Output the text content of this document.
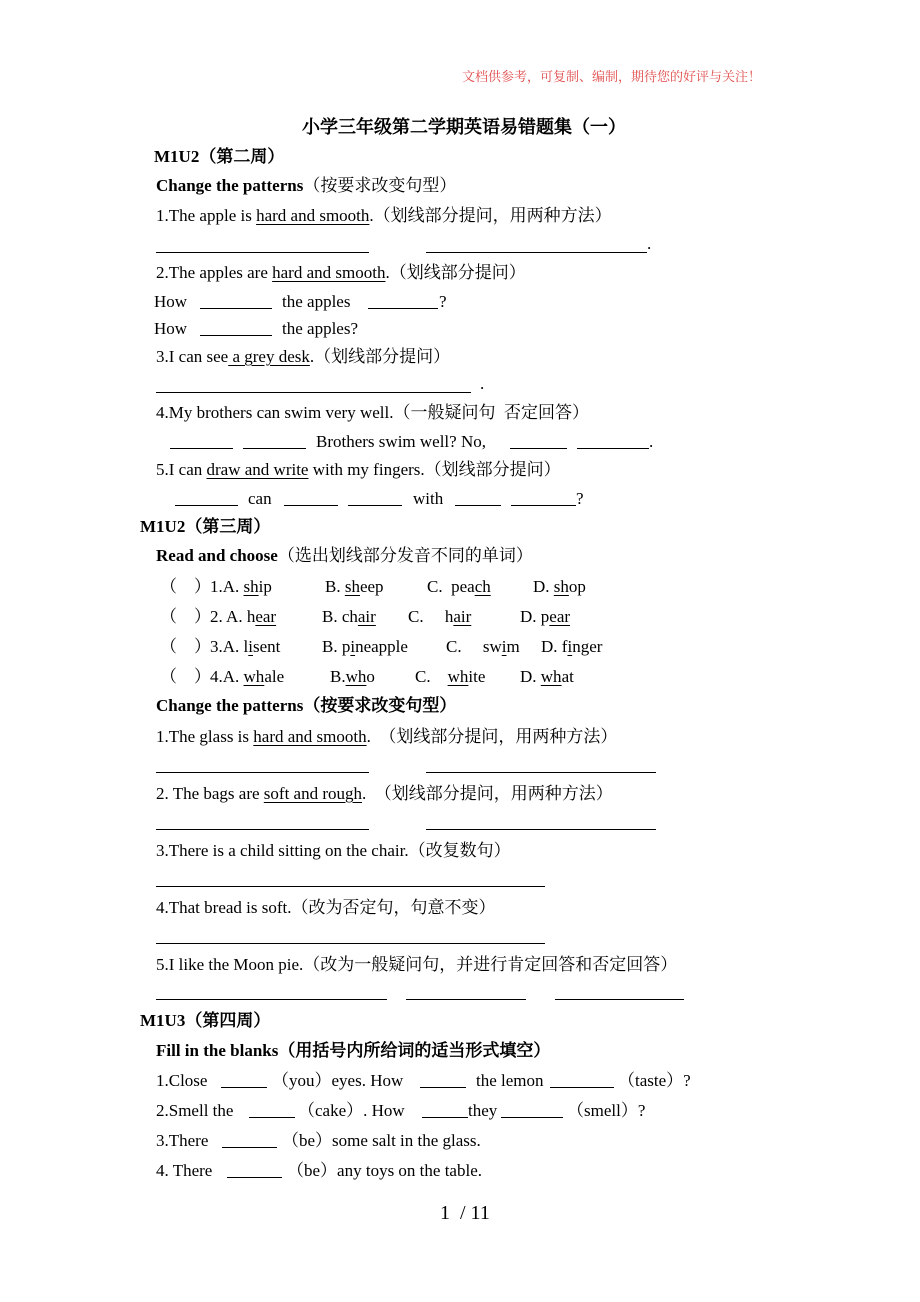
文档供参考，可复制、编制，期待您的好评与关注！
小学三年级第二学期英语易错题集（一）
M1U2（第二周）
Change the patterns（按要求改变句型）
1.The apple is hard and smooth.（划线部分提问，用两种方法）
.
2.The apples are hard and smooth.（划线部分提问）
How	the apples	?
How	the apples?
3.I can see a grey desk.（划线部分提问）
.
4.My brothers can swim very well.（一般疑问句  否定回答）
Brothers swim well? No,	.
5.I can draw and write with my fingers.（划线部分提问）
can	with	?
M1U2（第三周）
Read and choose（选出划线部分发音不同的单词）
（    ） 1.A. ship	B. sheep	C.  peach D. shop
（    ） 2. A. hear	B. chair C.     hair	D. pear
（    ） 3.A. lisent B. pineapple C.     swim D. finger
（    ） 4.A. whale	B.who C.    white D. what
Change the patterns（按要求改变句型）
1.The glass is hard and smooth.  （划线部分提问，用两种方法）
2. The bags are soft and rough.  （划线部分提问，用两种方法）
3.There is a child sitting on the chair.（改复数句）
4.That bread is soft.（改为否定句，句意不变）
5.I like the Moon pie.（改为一般疑问句，并进行肯定回答和否定回答）
M1U3（第四周）
Fill in the blanks（用括号内所给词的适当形式填空）
1.Close	（you）eyes. How	the lemon	（taste）?
2.Smell the	（cake）. How	they	（smell）?
3.There	（be）some salt in the glass.
4. There	（be）any toys on the table.
1  / 11
